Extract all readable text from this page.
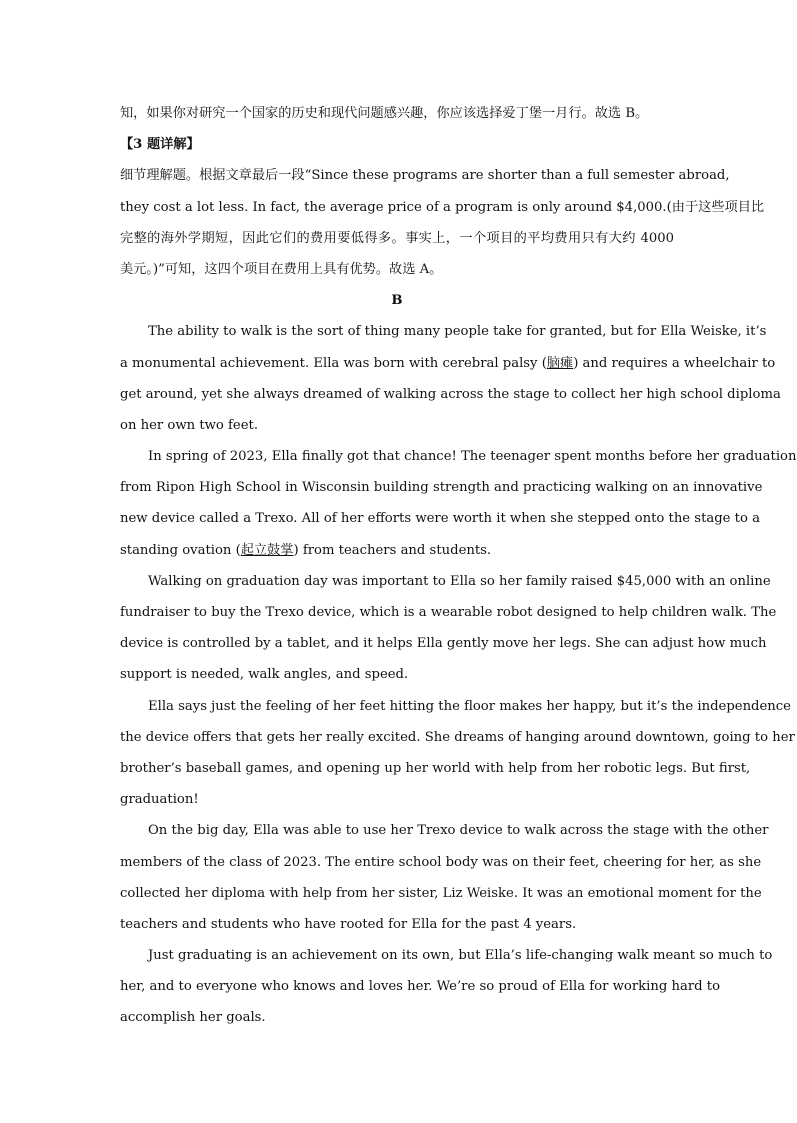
知，如果你对研究一个国家的历史和现代问题感兴趣，你应该选择爱丁堡一月行。故选 B。
【3 题详解】
细节理解题。根据文章最后一段“Since these programs are shorter than a full semester abroad,
they cost a lot less. In fact, the average price of a program is only around $4,000.(由于这些项目比
完整的海外学期短，因此它们的费用要低得多。事实上，一个项目的平均费用只有大约 4000
美元。)”可知，这四个项目在费用上具有优势。故选 A。
B
The ability to walk is the sort of thing many people take for granted, but for Ella Weiske, it’s
a monumental achievement. Ella was born with cerebral palsy (脑瘫) and requires a wheelchair to
get around, yet she always dreamed of walking across the stage to collect her high school diploma
on her own two feet.
In spring of 2023, Ella finally got that chance! The teenager spent months before her graduation
from Ripon High School in Wisconsin building strength and practicing walking on an innovative
new device called a Trexo. All of her efforts were worth it when she stepped onto the stage to a
standing ovation (起立鼓掌) from teachers and students.
Walking on graduation day was important to Ella so her family raised $45,000 with an online
fundraiser to buy the Trexo device, which is a wearable robot designed to help children walk. The
device is controlled by a tablet, and it helps Ella gently move her legs. She can adjust how much
support is needed, walk angles, and speed.
Ella says just the feeling of her feet hitting the floor makes her happy, but it’s the independence
the device offers that gets her really excited. She dreams of hanging around downtown, going to her
brother’s baseball games, and opening up her world with help from her robotic legs. But first,
graduation!
On the big day, Ella was able to use her Trexo device to walk across the stage with the other
members of the class of 2023. The entire school body was on their feet, cheering for her, as she
collected her diploma with help from her sister, Liz Weiske. It was an emotional moment for the
teachers and students who have rooted for Ella for the past 4 years.
Just graduating is an achievement on its own, but Ella’s life-changing walk meant so much to
her, and to everyone who knows and loves her. We’re so proud of Ella for working hard to
accomplish her goals.
